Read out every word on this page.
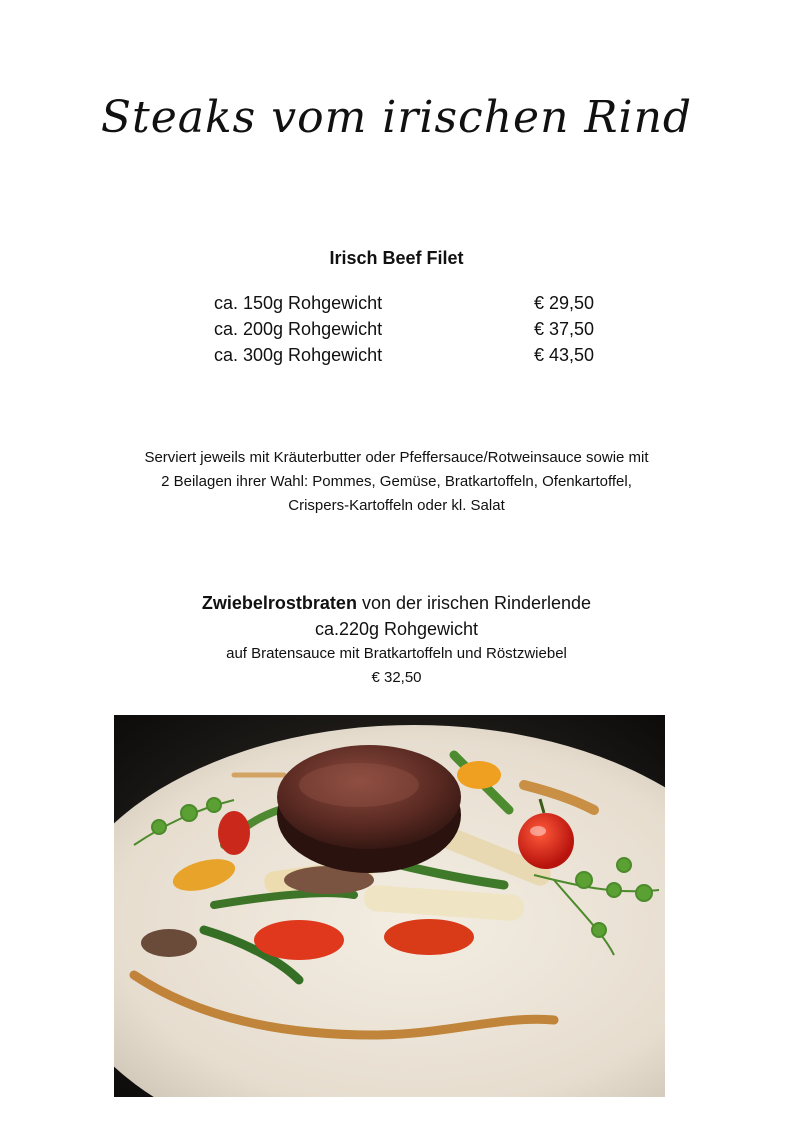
Steaks vom irischen Rind
Irisch Beef Filet
ca. 150g Rohgewicht	€ 29,50
ca. 200g Rohgewicht	€ 37,50
ca. 300g Rohgewicht	€ 43,50
Serviert jeweils mit Kräuterbutter oder Pfeffersauce/Rotweinsauce sowie mit
2 Beilagen ihrer Wahl: Pommes, Gemüse, Bratkartoffeln, Ofenkartoffel,
Crispers-Kartoffeln oder kl. Salat
Zwiebelrostbraten von der irischen Rinderlende
ca.220g Rohgewicht
auf Bratensauce mit Bratkartoffeln und Röstzwiebel
€ 32,50
